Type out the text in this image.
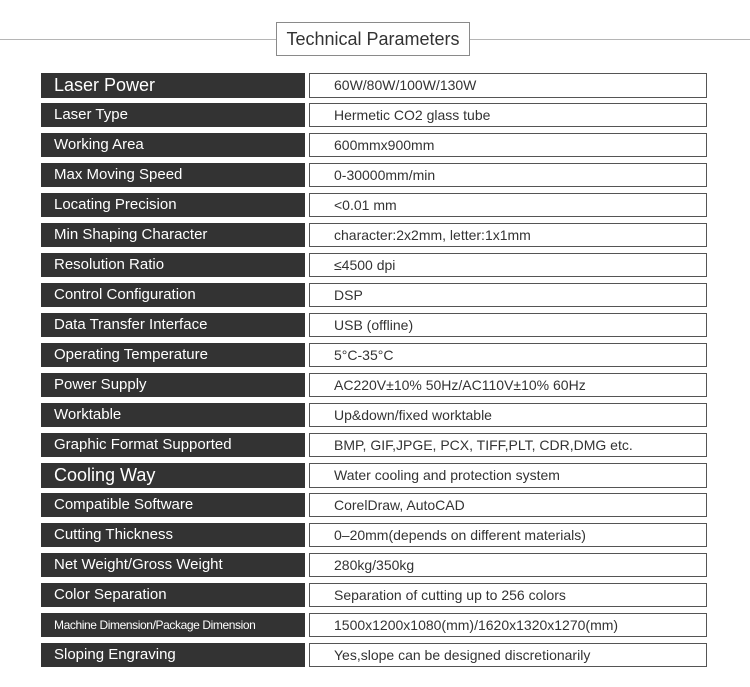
Technical Parameters
Laser Power	60W/80W/100W/130W
Laser Type	Hermetic CO2 glass tube
Working Area	600mmx900mm
Max Moving Speed	0-30000mm/min
Locating Precision	<0.01 mm
Min Shaping Character	character:2x2mm, letter:1x1mm
Resolution Ratio	≤4500 dpi
Control Configuration	DSP
Data Transfer Interface	USB (offline)
Operating Temperature	5°C-35°C
Power Supply	AC220V±10% 50Hz/AC110V±10% 60Hz
Worktable	Up&down/fixed worktable
Graphic Format Supported	BMP, GIF,JPGE, PCX, TIFF,PLT, CDR,DMG etc.
Cooling Way	Water cooling and protection system
Compatible Software	CorelDraw, AutoCAD
Cutting Thickness	0–20mm(depends on different materials)
Net Weight/Gross Weight	280kg/350kg
Color Separation	Separation of cutting up to 256 colors
Machine Dimension/Package Dimension	1500x1200x1080(mm)/1620x1320x1270(mm)
Sloping Engraving	Yes,slope can be designed discretionarily
